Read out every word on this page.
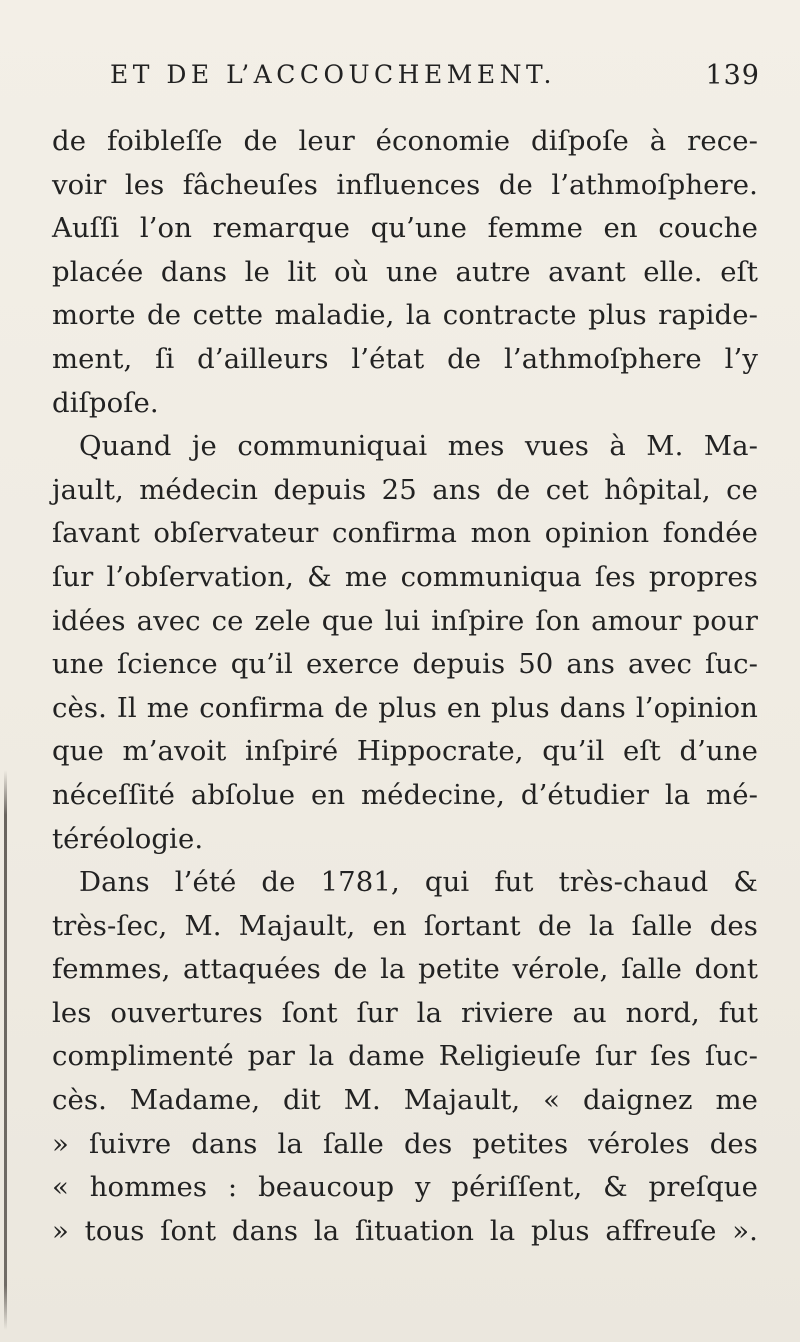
ET DE L’ACCOUCHEMENT.	139
de foibleſſe de leur économie diſpoſe à rece-
voir les fâcheuſes influences de l’athmoſphere.
Auſſi l’on remarque qu’une femme en couche
placée dans le lit où une autre avant elle. eſt
morte de cette maladie, la contracte plus rapide-
ment, ſi d’ailleurs l’état de l’athmoſphere l’y
diſpoſe.
Quand je communiquai mes vues à M. Ma-
jault, médecin depuis 25 ans de cet hôpital, ce
ſavant obſervateur confirma mon opinion fondée
ſur l’obſervation, & me communiqua ſes propres
idées avec ce zele que lui inſpire ſon amour pour
une ſcience qu’il exerce depuis 50 ans avec ſuc-
cès. Il me confirma de plus en plus dans l’opinion
que m’avoit inſpiré Hippocrate, qu’il eſt d’une
néceſſité abſolue en médecine, d’étudier la mé-
téréologie.
Dans l’été de 1781, qui fut très-chaud &
très-ſec, M. Majault, en ſortant de la ſalle des
femmes, attaquées de la petite vérole, ſalle dont
les ouvertures ſont ſur la riviere au nord, fut
complimenté par la dame Religieuſe ſur ſes ſuc-
cès. Madame, dit M. Majault, « daignez me
» ſuivre dans la ſalle des petites véroles des
« hommes : beaucoup y périſſent, & preſque
» tous ſont dans la ſituation la plus affreuſe ».
